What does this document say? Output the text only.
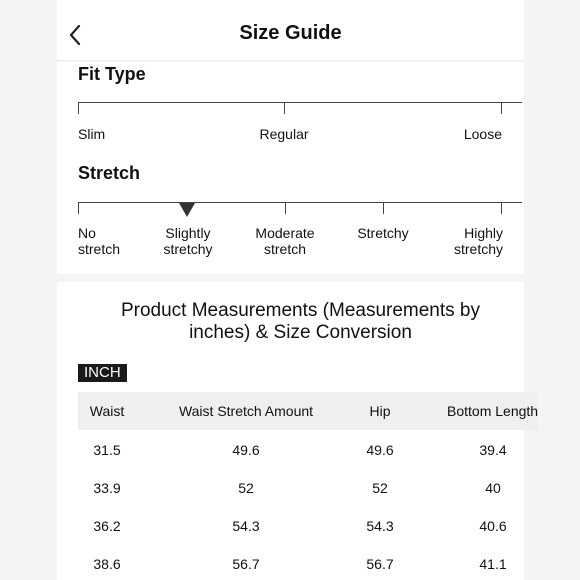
Size Guide
Fit Type
Slim	Regular	Loose
Stretch
No
stretch
Slightly
stretchy
Moderate
stretch
Stretchy	Highly
stretchy
Product Measurements (Measurements by
inches) & Size Conversion
INCH
Waist	Waist Stretch Amount	Hip	Bottom Length
31.5	49.6	49.6	39.4
33.9	52	52	40
36.2	54.3	54.3	40.6
38.6	56.7	56.7	41.1
